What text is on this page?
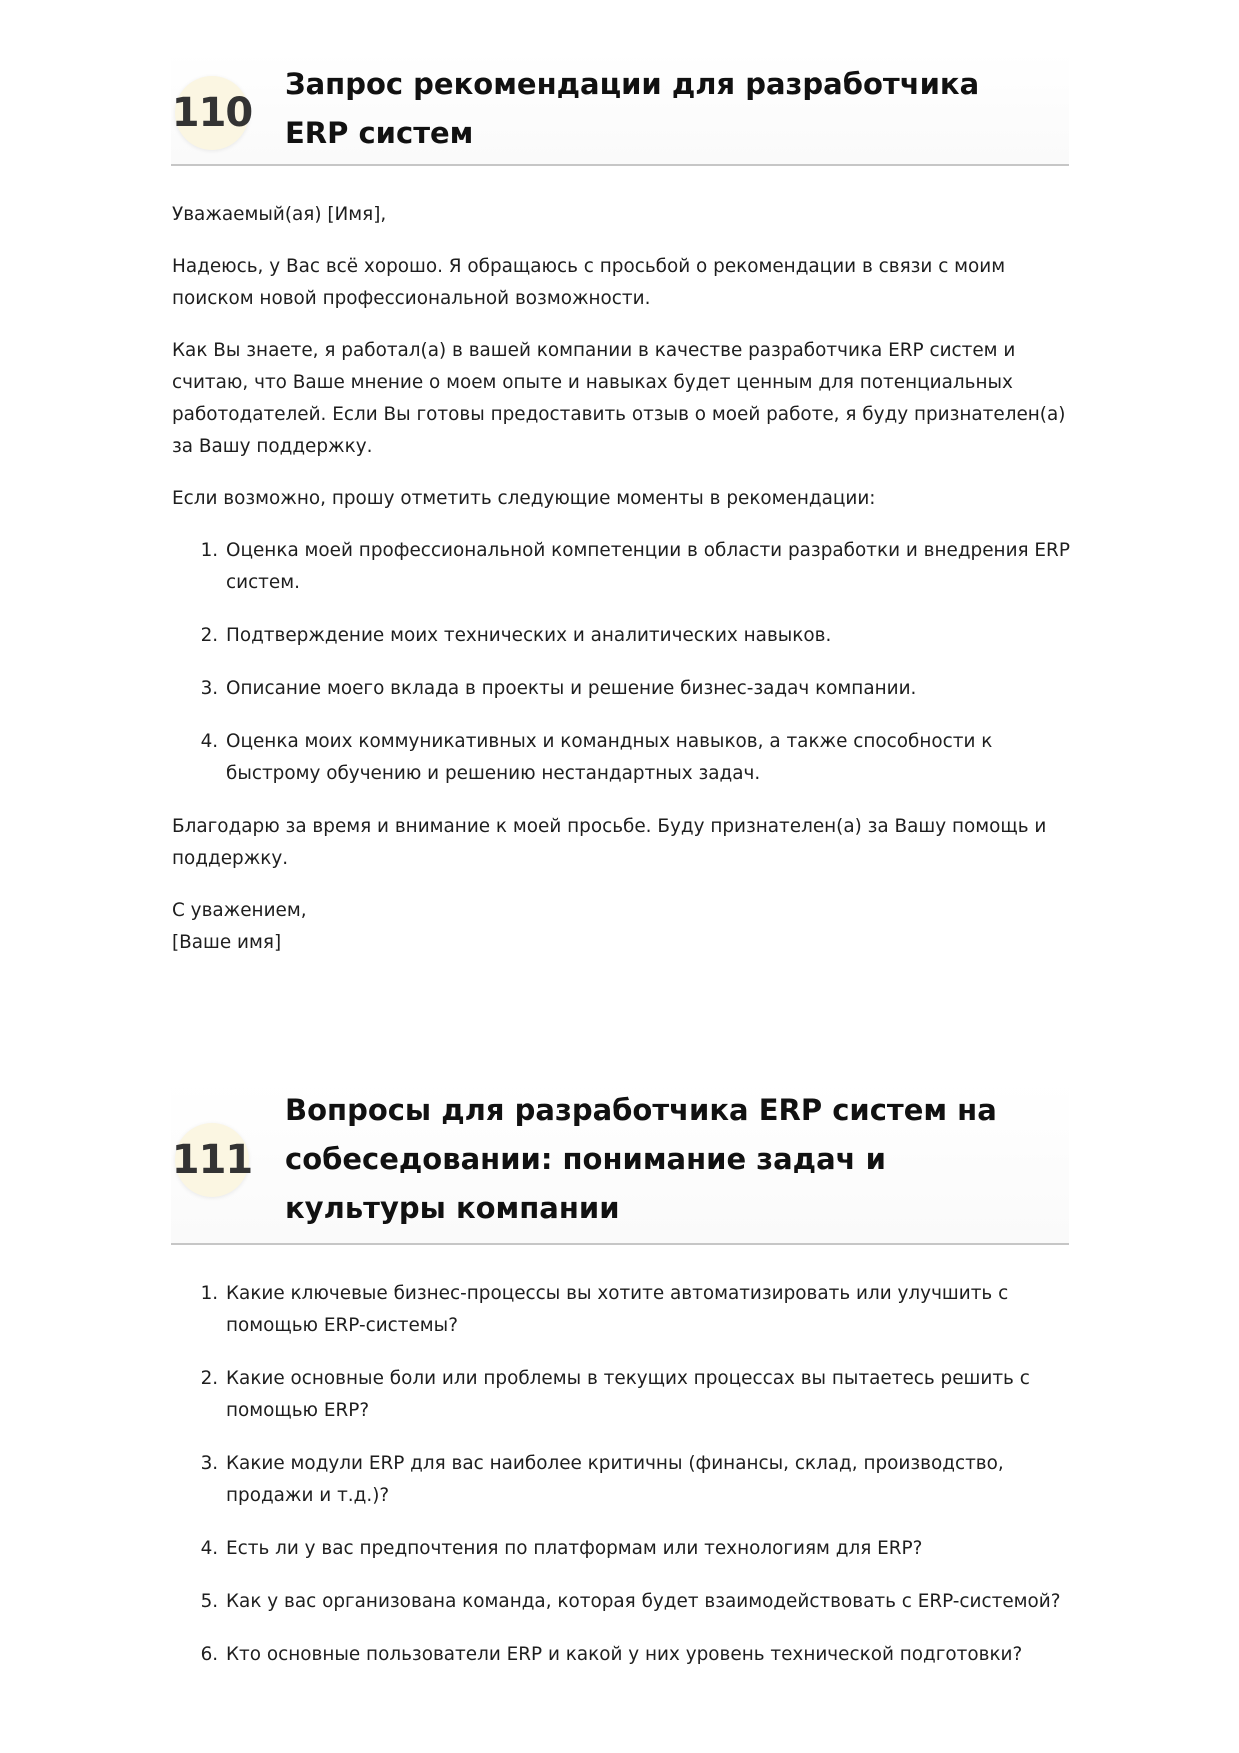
110
Запрос рекомендации для разработчика ERP систем

Уважаемый(ая) [Имя],

Надеюсь, у Вас всё хорошо. Я обращаюсь с просьбой о рекомендации в связи с моим поиском новой профессиональной возможности.

Как Вы знаете, я работал(а) в вашей компании в качестве разработчика ERP систем и считаю, что Ваше мнение о моем опыте и навыках будет ценным для потенциальных работодателей. Если Вы готовы предоставить отзыв о моей работе, я буду признателен(а) за Вашу поддержку.

Если возможно, прошу отметить следующие моменты в рекомендации:

1. Оценка моей профессиональной компетенции в области разработки и внедрения ERP систем.
2. Подтверждение моих технических и аналитических навыков.
3. Описание моего вклада в проекты и решение бизнес-задач компании.
4. Оценка моих коммуникативных и командных навыков, а также способности к быстрому обучению и решению нестандартных задач.

Благодарю за время и внимание к моей просьбе. Буду признателен(а) за Вашу помощь и поддержку.

С уважением,

[Ваше имя]

111
Вопросы для разработчика ERP систем на собеседовании: понимание задач и культуры компании
1. Какие ключевые бизнес-процессы вы хотите автоматизировать или улучшить с помощью ERP-системы?
2. Какие основные боли или проблемы в текущих процессах вы пытаетесь решить с помощью ERP?
3. Какие модули ERP для вас наиболее критичны (финансы, склад, производство, продажи и т.д.)?
4. Есть ли у вас предпочтения по платформам или технологиям для ERP?
5. Как у вас организована команда, которая будет взаимодействовать с ERP-системой?
6. Кто основные пользователи ERP и какой у них уровень технической подготовки?
